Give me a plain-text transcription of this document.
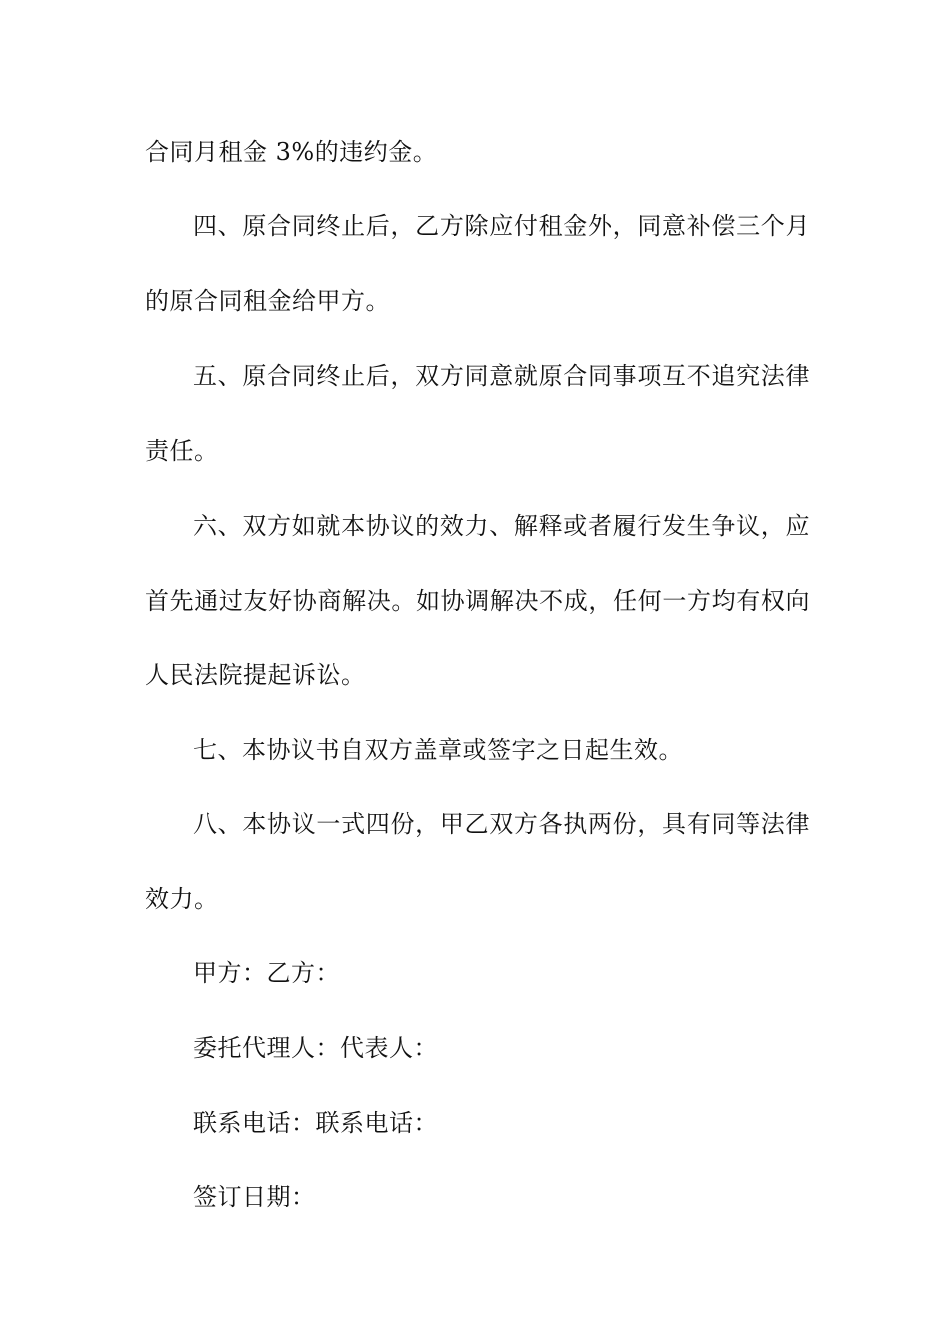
合同月租金 3%的违约金。
四、原合同终止后，乙方除应付租金外，同意补偿三个月
的原合同租金给甲方。
五、原合同终止后，双方同意就原合同事项互不追究法律
责任。
六、双方如就本协议的效力、解释或者履行发生争议，应
首先通过友好协商解决。如协调解决不成，任何一方均有权向
人民法院提起诉讼。
七、本协议书自双方盖章或签字之日起生效。
八、本协议一式四份，甲乙双方各执两份，具有同等法律
效力。
甲方：乙方：
委托代理人：代表人：
联系电话：联系电话：
签订日期：
